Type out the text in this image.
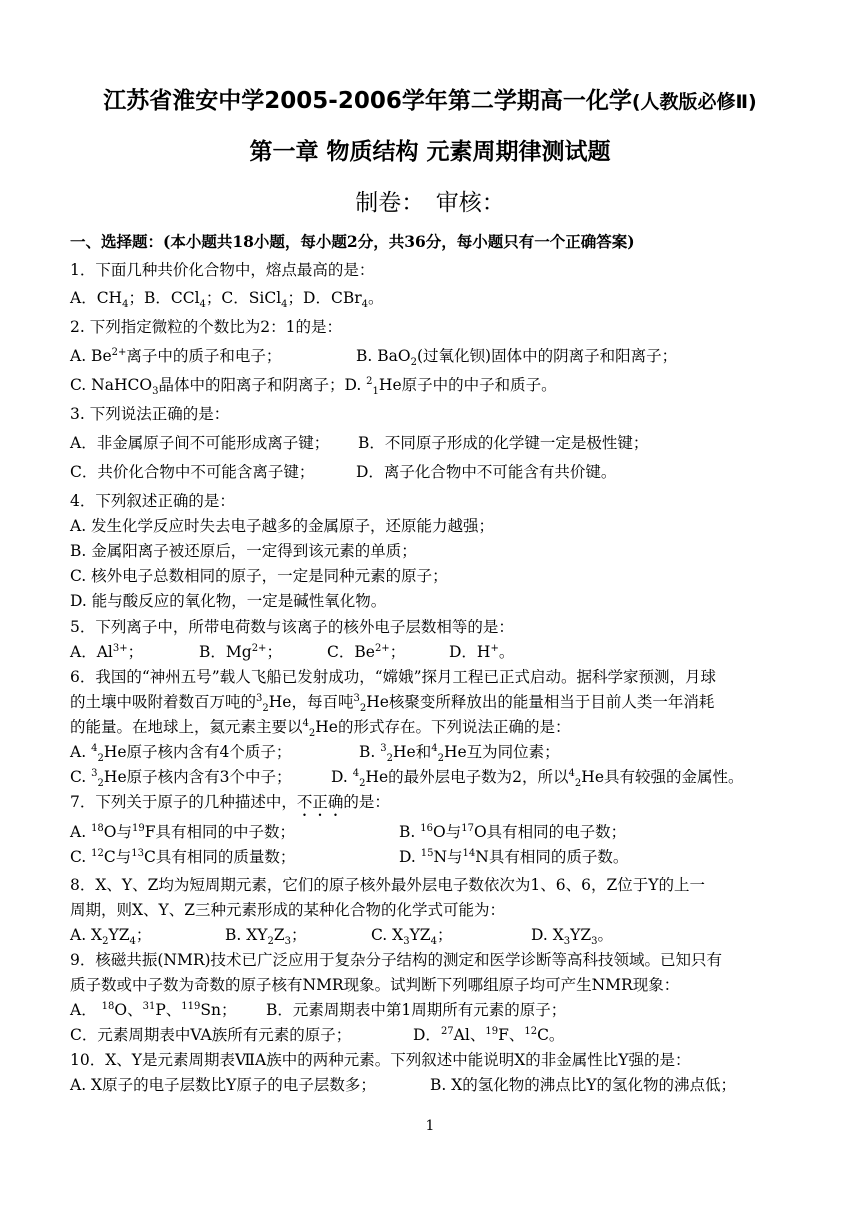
江苏省淮安中学2005-2006学年第二学期高一化学(人教版必修Ⅱ)
第一章 物质结构 元素周期律测试题
制卷：　审核：
一、选择题：(本小题共18小题，每小题2分，共36分，每小题只有一个正确答案)
1．下面几种共价化合物中，熔点最高的是：
A．$CH_4$；B．CCl$_4$；C．SiCl$_4$；D．CBr$_4$。
2. 下列指定微粒的个数比为2：1的是：
A. $Be^{2+}$离子中的质子和电子；	B. BaO$_2$(过氧化钡)固体中的阴离子和阳离子；
C. NaHCO$_3$晶体中的阳离子和阴离子；D. $^2_1$He原子中的中子和质子。
3. 下列说法正确的是：
A．非金属原子间不可能形成离子键； B．不同原子形成的化学键一定是极性键；
C．共价化合物中不可能含离子键；	D．离子化合物中不可能含有共价键。
4．下列叙述正确的是：
A. 发生化学反应时失去电子越多的金属原子，还原能力越强；
B. 金属阳离子被还原后，一定得到该元素的单质；
C. 核外电子总数相同的原子，一定是同种元素的原子；
D. 能与酸反应的氧化物，一定是碱性氧化物。
5．下列离子中，所带电荷数与该离子的核外电子层数相等的是：
A．$Al^{3+}$；	B．$Mg^{2+}$；	C．$Be^{2+}$；	D．H+。
6．我国的“神州五号”载人飞船已发射成功，“嫦娥”探月工程已正式启动。据科学家预测，月球
的土壤中吸附着数百万吨的$^3_2$He，每百吨$^3_2$He核聚变所释放出的能量相当于目前人类一年消耗
的能量。在地球上，氦元素主要以$^4_2$He的形式存在。下列说法正确的是：
A. $^4_2$He原子核内含有4个质子；	B. $^3_2$He和$^4_2$He互为同位素；
C. $^3_2$He原子核内含有3个中子；	D. $^4_2$He的最外层电子数为2，所以$^4_2$He具有较强的金属性。
7．下列关于原子的几种描述中，不正确的是：
A. $^{18}$O与$^{19}$F具有相同的中子数；	B. $^{16}$O与$^{17}$O具有相同的电子数；
C. $^{12}$C与$^{13}$C具有相同的质量数；	D. $^{15}$N与$^{14}$N具有相同的质子数。
8．X、Y、Z均为短周期元素，它们的原子核外最外层电子数依次为1、6、6，Z位于Y的上一
周期，则X、Y、Z三种元素形成的某种化合物的化学式可能为：
A. $X_2YZ_4$；	B. $XY_2Z_3$；	C. $X_3YZ_4$；	D. $X_3YZ_3$。
9．核磁共振(NMR)技术已广泛应用于复杂分子结构的测定和医学诊断等高科技领域。已知只有
质子数或中子数为奇数的原子核有NMR现象。试判断下列哪组原子均可产生NMR现象：
A． $^{18}$O、$^{31}$P、$^{119}$Sn； B．元素周期表中第1周期所有元素的原子；
C．元素周期表中VA族所有元素的原子；	D．$^{27}$Al、$^{19}$F、$^{12}$C。
10．X、Y是元素周期表ⅦA族中的两种元素。下列叙述中能说明X的非金属性比Y强的是：
A. X原子的电子层数比Y原子的电子层数多；	B. X的氢化物的沸点比Y的氢化物的沸点低；
1
